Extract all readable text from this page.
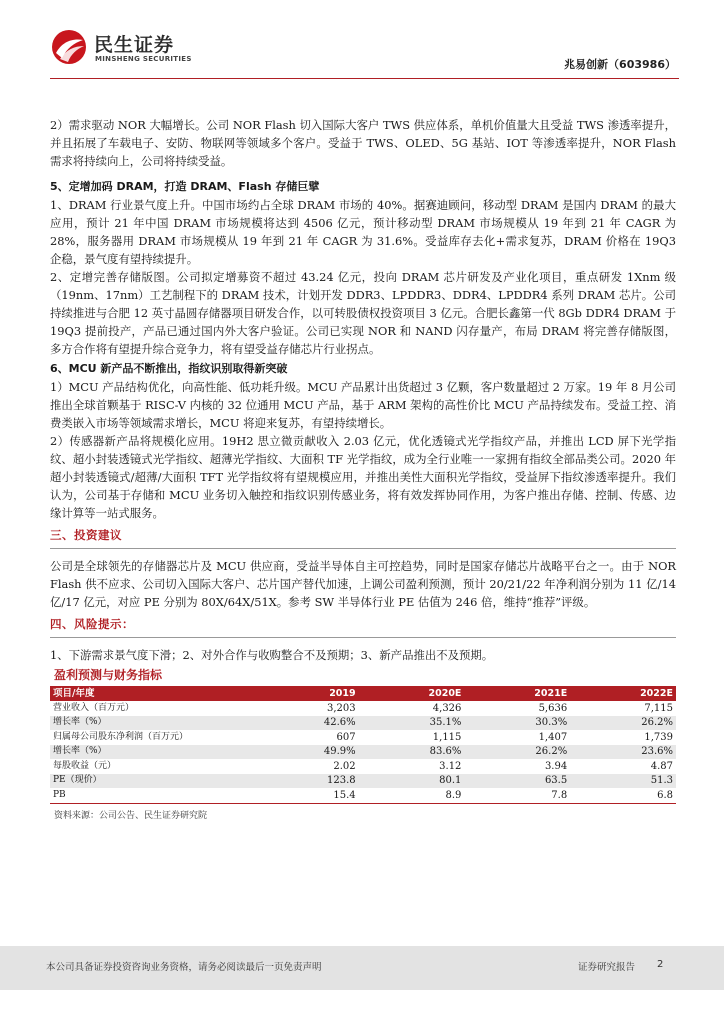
民生证券
MINSHENG SECURITIES	兆易创新（603986）

2）需求驱动 NOR 大幅增长。公司 NOR Flash 切入国际大客户 TWS 供应体系，单机价值量大且受益 TWS 渗透率提升，并且拓展了车载电子、安防、物联网等领域多个客户。受益于 TWS、OLED、5G 基站、IOT 等渗透率提升，NOR Flash 需求将持续向上，公司将持续受益。

5、定增加码 DRAM，打造 DRAM、Flash 存储巨擘

1、DRAM 行业景气度上升。中国市场约占全球 DRAM 市场的 40%。据赛迪顾问，移动型 DRAM 是国内 DRAM 的最大应用，预计 21 年中国 DRAM 市场规模将达到 4506 亿元，预计移动型 DRAM 市场规模从 19 年到 21 年 CAGR 为 28%，服务器用 DRAM 市场规模从 19 年到 21 年 CAGR 为 31.6%。受益库存去化+需求复苏，DRAM 价格在 19Q3 企稳，景气度有望持续提升。

2、定增完善存储版图。公司拟定增募资不超过 43.24 亿元，投向 DRAM 芯片研发及产业化项目，重点研发 1Xnm 级（19nm、17nm）工艺制程下的 DRAM 技术，计划开发 DDR3、LPDDR3、DDR4、LPDDR4 系列 DRAM 芯片。公司持续推进与合肥 12 英寸晶圆存储器项目研发合作，以可转股债权投资项目 3 亿元。合肥长鑫第一代 8Gb DDR4 DRAM 于 19Q3 提前投产，产品已通过国内外大客户验证。公司已实现 NOR 和 NAND 闪存量产，布局 DRAM 将完善存储版图，多方合作将有望提升综合竞争力，将有望受益存储芯片行业拐点。

6、MCU 新产品不断推出，指纹识别取得新突破

1）MCU 产品结构优化，向高性能、低功耗升级。MCU 产品累计出货超过 3 亿颗，客户数量超过 2 万家。19 年 8 月公司推出全球首颗基于 RISC-V 内核的 32 位通用 MCU 产品，基于 ARM 架构的高性价比 MCU 产品持续发布。受益工控、消费类嵌入市场等领域需求增长，MCU 将迎来复苏，有望持续增长。

2）传感器新产品将规模化应用。19H2 思立微贡献收入 2.03 亿元，优化透镜式光学指纹产品，并推出 LCD 屏下光学指纹、超小封装透镜式光学指纹、超薄光学指纹、大面积 TF 光学指纹，成为全行业唯一一家拥有指纹全部品类公司。2020 年超小封装透镜式/超薄/大面积 TFT 光学指纹将有望规模应用，并推出美性大面积光学指纹，受益屏下指纹渗透率提升。我们认为，公司基于存储和 MCU 业务切入触控和指纹识别传感业务，将有效发挥协同作用，为客户推出存储、控制、传感、边缘计算等一站式服务。

三、投资建议

公司是全球领先的存储器芯片及 MCU 供应商，受益半导体自主可控趋势，同时是国家存储芯片战略平台之一。由于 NOR Flash 供不应求、公司切入国际大客户、芯片国产替代加速，上调公司盈利预测，预计 20/21/22 年净利润分别为 11 亿/14 亿/17 亿元，对应 PE 分别为 80X/64X/51X。参考 SW 半导体行业 PE 估值为 246 倍，维持“推荐”评级。

四、风险提示：

1、下游需求景气度下滑；2、对外合作与收购整合不及预期；3、新产品推出不及预期。

盈利预测与财务指标
项目/年度	2019	2020E	2021E	2022E
营业收入（百万元）	3,203	4,326	5,636	7,115
增长率（%）	42.6%	35.1%	30.3%	26.2%
归属母公司股东净利润（百万元）	607	1,115	1,407	1,739
增长率（%）	49.9%	83.6%	26.2%	23.6%
每股收益（元）	2.02	3.12	3.94	4.87
PE（现价）	123.8	80.1	63.5	51.3
PB	15.4	8.9	7.8	6.8
资料来源：公司公告、民生证券研究院
本公司具备证券投资咨询业务资格，请务必阅读最后一页免责声明	证券研究报告 2
